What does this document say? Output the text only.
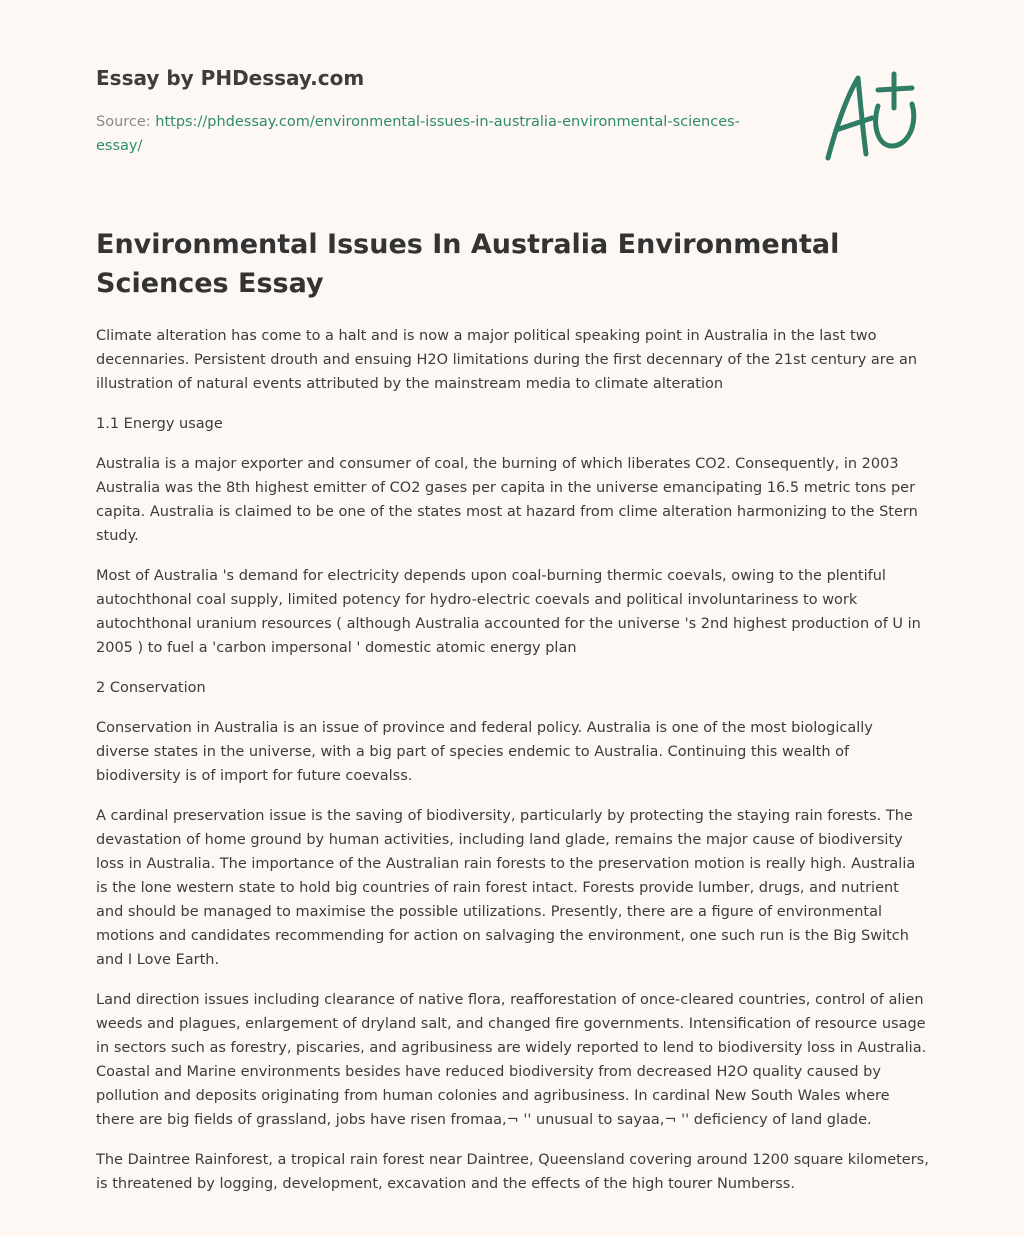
Essay by PHDessay.com

Source: https://phdessay.com/environmental-issues-in-australia-environmental-sciences-essay/

Environmental Issues In Australia Environmental Sciences Essay

Climate alteration has come to a halt and is now a major political speaking point in Australia in the last two decennaries. Persistent drouth and ensuing H2O limitations during the first decennary of the 21st century are an illustration of natural events attributed by the mainstream media to climate alteration

1.1 Energy usage

Australia is a major exporter and consumer of coal, the burning of which liberates CO2. Consequently, in 2003 Australia was the 8th highest emitter of CO2 gases per capita in the universe emancipating 16.5 metric tons per capita. Australia is claimed to be one of the states most at hazard from clime alteration harmonizing to the Stern study.

Most of Australia 's demand for electricity depends upon coal-burning thermic coevals, owing to the plentiful autochthonal coal supply, limited potency for hydro-electric coevals and political involuntariness to work autochthonal uranium resources ( although Australia accounted for the universe 's 2nd highest production of U in 2005 ) to fuel a 'carbon impersonal ' domestic atomic energy plan

2 Conservation

Conservation in Australia is an issue of province and federal policy. Australia is one of the most biologically diverse states in the universe, with a big part of species endemic to Australia. Continuing this wealth of biodiversity is of import for future coevalss.

A cardinal preservation issue is the saving of biodiversity, particularly by protecting the staying rain forests. The devastation of home ground by human activities, including land glade, remains the major cause of biodiversity loss in Australia. The importance of the Australian rain forests to the preservation motion is really high. Australia is the lone western state to hold big countries of rain forest intact. Forests provide lumber, drugs, and nutrient and should be managed to maximise the possible utilizations. Presently, there are a figure of environmental motions and candidates recommending for action on salvaging the environment, one such run is the Big Switch and I Love Earth.

Land direction issues including clearance of native flora, reafforestation of once-cleared countries, control of alien weeds and plagues, enlargement of dryland salt, and changed fire governments. Intensification of resource usage in sectors such as forestry, piscaries, and agribusiness are widely reported to lend to biodiversity loss in Australia. Coastal and Marine environments besides have reduced biodiversity from decreased H2O quality caused by pollution and deposits originating from human colonies and agribusiness. In cardinal New South Wales where there are big fields of grassland, jobs have risen fromaa,¬ '' unusual to sayaa,¬ '' deficiency of land glade.

The Daintree Rainforest, a tropical rain forest near Daintree, Queensland covering around 1200 square kilometers, is threatened by logging, development, excavation and the effects of the high tourer Numberss.
